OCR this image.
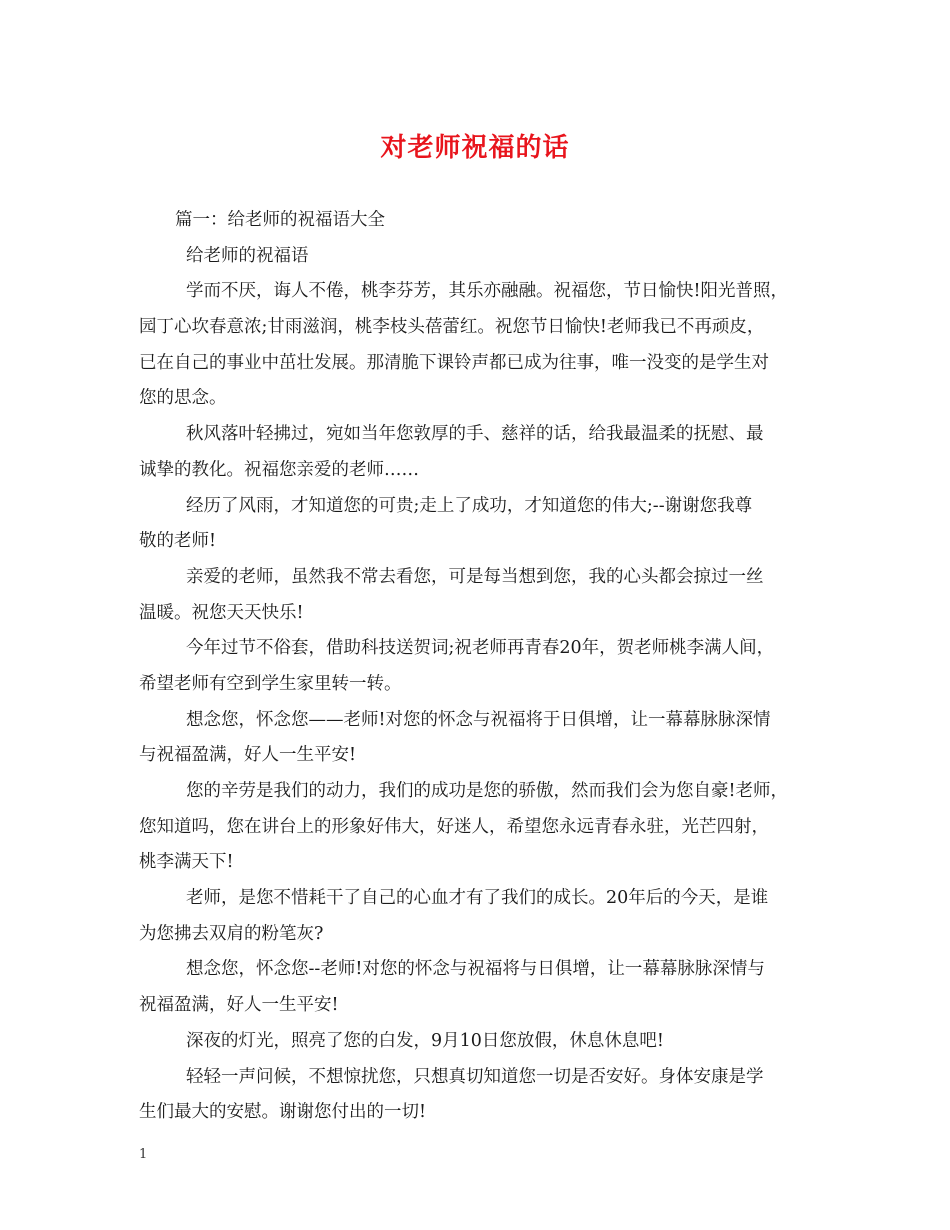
对老师祝福的话
篇一：给老师的祝福语大全
给老师的祝福语
学而不厌，诲人不倦，桃李芬芳，其乐亦融融。祝福您，节日愉快!阳光普照，
园丁心坎春意浓;甘雨滋润，桃李枝头蓓蕾红。祝您节日愉快!老师我已不再顽皮，
已在自己的事业中茁壮发展。那清脆下课铃声都已成为往事，唯一没变的是学生对
您的思念。
秋风落叶轻拂过，宛如当年您敦厚的手、慈祥的话，给我最温柔的抚慰、最
诚挚的教化。祝福您亲爱的老师……
经历了风雨，才知道您的可贵;走上了成功，才知道您的伟大;--谢谢您我尊
敬的老师!
亲爱的老师，虽然我不常去看您，可是每当想到您，我的心头都会掠过一丝
温暖。祝您天天快乐!
今年过节不俗套，借助科技送贺词;祝老师再青春20年，贺老师桃李满人间，
希望老师有空到学生家里转一转。
想念您，怀念您——老师!对您的怀念与祝福将于日俱增，让一幕幕脉脉深情
与祝福盈满，好人一生平安!
您的辛劳是我们的动力，我们的成功是您的骄傲，然而我们会为您自豪!老师，
您知道吗，您在讲台上的形象好伟大，好迷人，希望您永远青春永驻，光芒四射，
桃李满天下!
老师，是您不惜耗干了自己的心血才有了我们的成长。20年后的今天，是谁
为您拂去双肩的粉笔灰?
想念您，怀念您--老师!对您的怀念与祝福将与日俱增，让一幕幕脉脉深情与
祝福盈满，好人一生平安!
深夜的灯光，照亮了您的白发，9月10日您放假，休息休息吧!
轻轻一声问候，不想惊扰您，只想真切知道您一切是否安好。身体安康是学
生们最大的安慰。谢谢您付出的一切!
1
